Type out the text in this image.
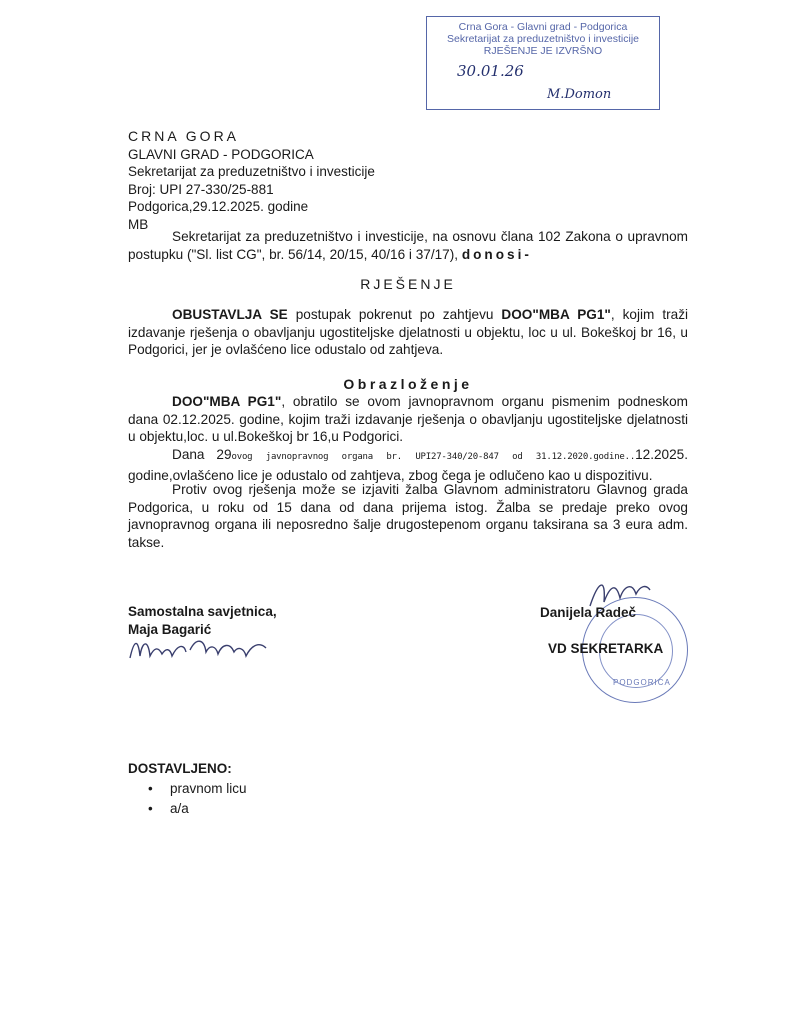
Crna Gora - Glavni grad - Podgorica
Sekretarijat za preduzetništvo i investicije
RJEŠENJE JE IZVRŠNO
30.01.26
M.Domon
CRNA GORA
GLAVNI GRAD - PODGORICA
Sekretarijat za preduzetništvo i investicije
Broj: UPI 27-330/25-881
Podgorica,29.12.2025. godine
MB
Sekretarijat za preduzetništvo i investicije, na osnovu člana 102 Zakona o upravnom postupku ("Sl. list CG", br. 56/14, 20/15, 40/16 i 37/17), donosi-
RJEŠENJE
OBUSTAVLJA SE postupak pokrenut po zahtjevu DOO"MBA PG1", kojim traži izdavanje rješenja o obavljanju ugostiteljske djelatnosti u objektu, loc u ul. Bokeškoj br 16, u Podgorici, jer je ovlašćeno lice odustalo od zahtjeva.
Obrazloženje
DOO"MBA PG1", obratilo se ovom javnopravnom organu pismenim podneskom dana 02.12.2025. godine, kojim traži izdavanje rješenja o obavljanju ugostiteljske djelatnosti u objektu,loc. u ul.Bokeškoj br 16,u Podgorici.
Dana 29ovog javnopravnog organa br. UPI27-340/20-847 od 31.12.2020.godine..12.2025. godine,ovlašćeno lice je odustalo od zahtjeva, zbog čega je odlučeno kao u dispozitivu.
Protiv ovog rješenja može se izjaviti žalba Glavnom administratoru Glavnog grada Podgorica, u roku od 15 dana od dana prijema istog. Žalba se predaje preko ovog javnopravnog organa ili neposredno šalje drugostepenom organu taksirana sa 3 eura adm. takse.
Samostalna savjetnica,
Maja Bagarić
PODGORICA
Danijela Radeč
VD SEKRETARKA
DOSTAVLJENO:
• pravnom licu
• a/a
